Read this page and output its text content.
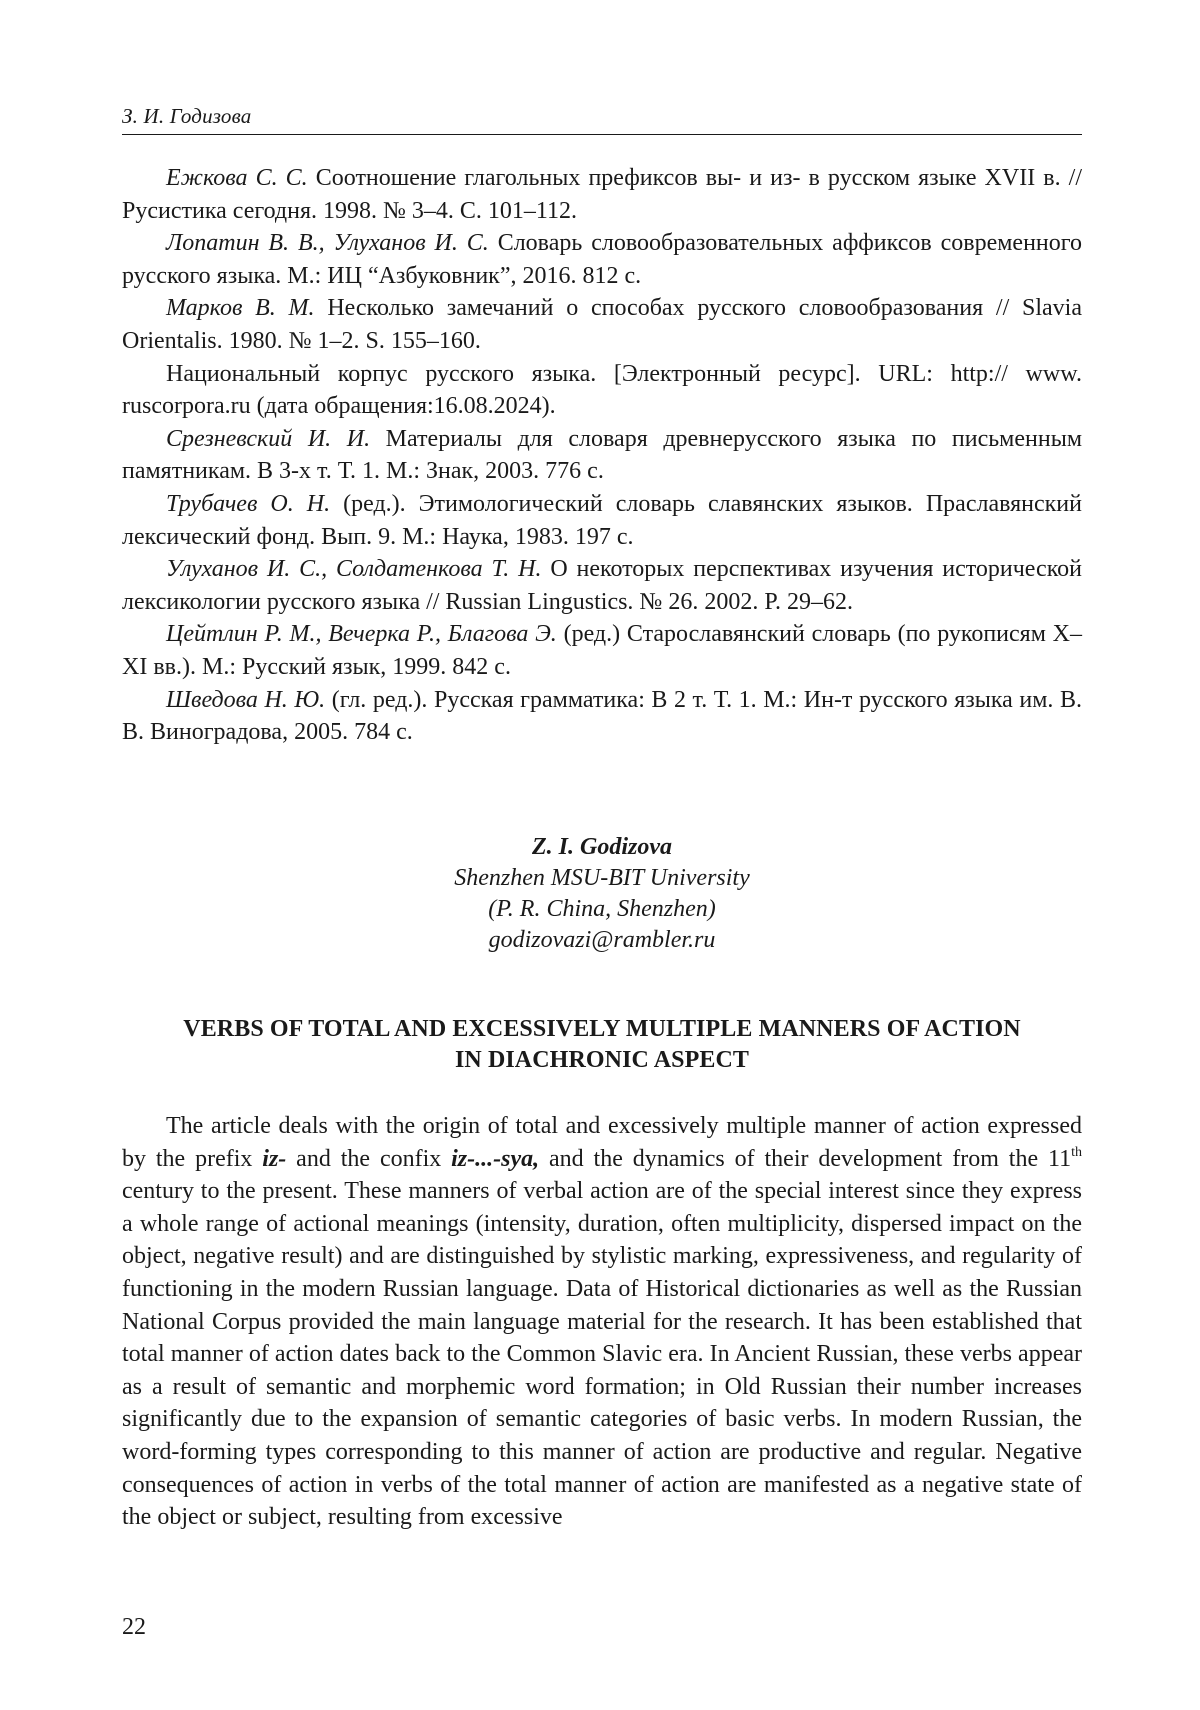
З. И. Годизова

Ежкова С. С. Соотношение глагольных префиксов вы- и из- в русском языке XVII в. // Русистика сегодня. 1998. № 3–4. С. 101–112.

Лопатин В. В., Улуханов И. С. Словарь словообразовательных аффиксов современного русского языка. М.: ИЦ “Азбуковник”, 2016. 812 с.

Марков В. М. Несколько замечаний о способах русского словообразования // Slavia Orientalis. 1980. № 1–2. S. 155–160.

Национальный корпус русского языка. [Электронный ресурс]. URL: http:// www. ruscorpora.ru (дата обращения:16.08.2024).

Срезневский И. И. Материалы для словаря древнерусского языка по письменным памятникам. В 3-х т. Т. 1. М.: Знак, 2003. 776 с.

Трубачев О. Н. (ред.). Этимологический словарь славянских языков. Праславянский лексический фонд. Вып. 9. М.: Наука, 1983. 197 с.

Улуханов И. С., Солдатенкова Т. Н. О некоторых перспективах изучения исторической лексикологии русского языка // Russian Lingustics. № 26. 2002. P. 29–62.

Цейтлин Р. М., Вечерка Р., Благова Э. (ред.) Старославянский словарь (по рукописям X–XI вв.). М.: Русский язык, 1999. 842 с.

Шведова Н. Ю. (гл. ред.). Русская грамматика: В 2 т. Т. 1. М.: Ин-т русского языка им. В. В. Виноградова, 2005. 784 с.

Z. I. Godizova
Shenzhen MSU-BIT University
(P. R. China, Shenzhen)
godizovazi@rambler.ru
VERBS OF TOTAL AND EXCESSIVELY MULTIPLE MANNERS OF ACTION
IN DIACHRONIC ASPECT

The article deals with the origin of total and excessively multiple manner of action expressed by the prefix iz- and the confix iz-...-sya, and the dynamics of their development from the 11th century to the present. These manners of verbal action are of the special interest since they express a whole range of actional meanings (intensity, duration, often multiplicity, dispersed impact on the object, negative result) and are distinguished by stylistic marking, expressiveness, and regularity of functioning in the modern Russian language. Data of Historical dictionaries as well as the Russian National Corpus provided the main language material for the research. It has been established that total manner of action dates back to the Common Slavic era. In Ancient Russian, these verbs appear as a result of semantic and morphemic word formation; in Old Russian their number increases significantly due to the expansion of semantic categories of basic verbs. In modern Russian, the word-forming types corresponding to this manner of action are productive and regular. Negative consequences of action in verbs of the total manner of action are manifested as a negative state of the object or subject, resulting from excessive

22
